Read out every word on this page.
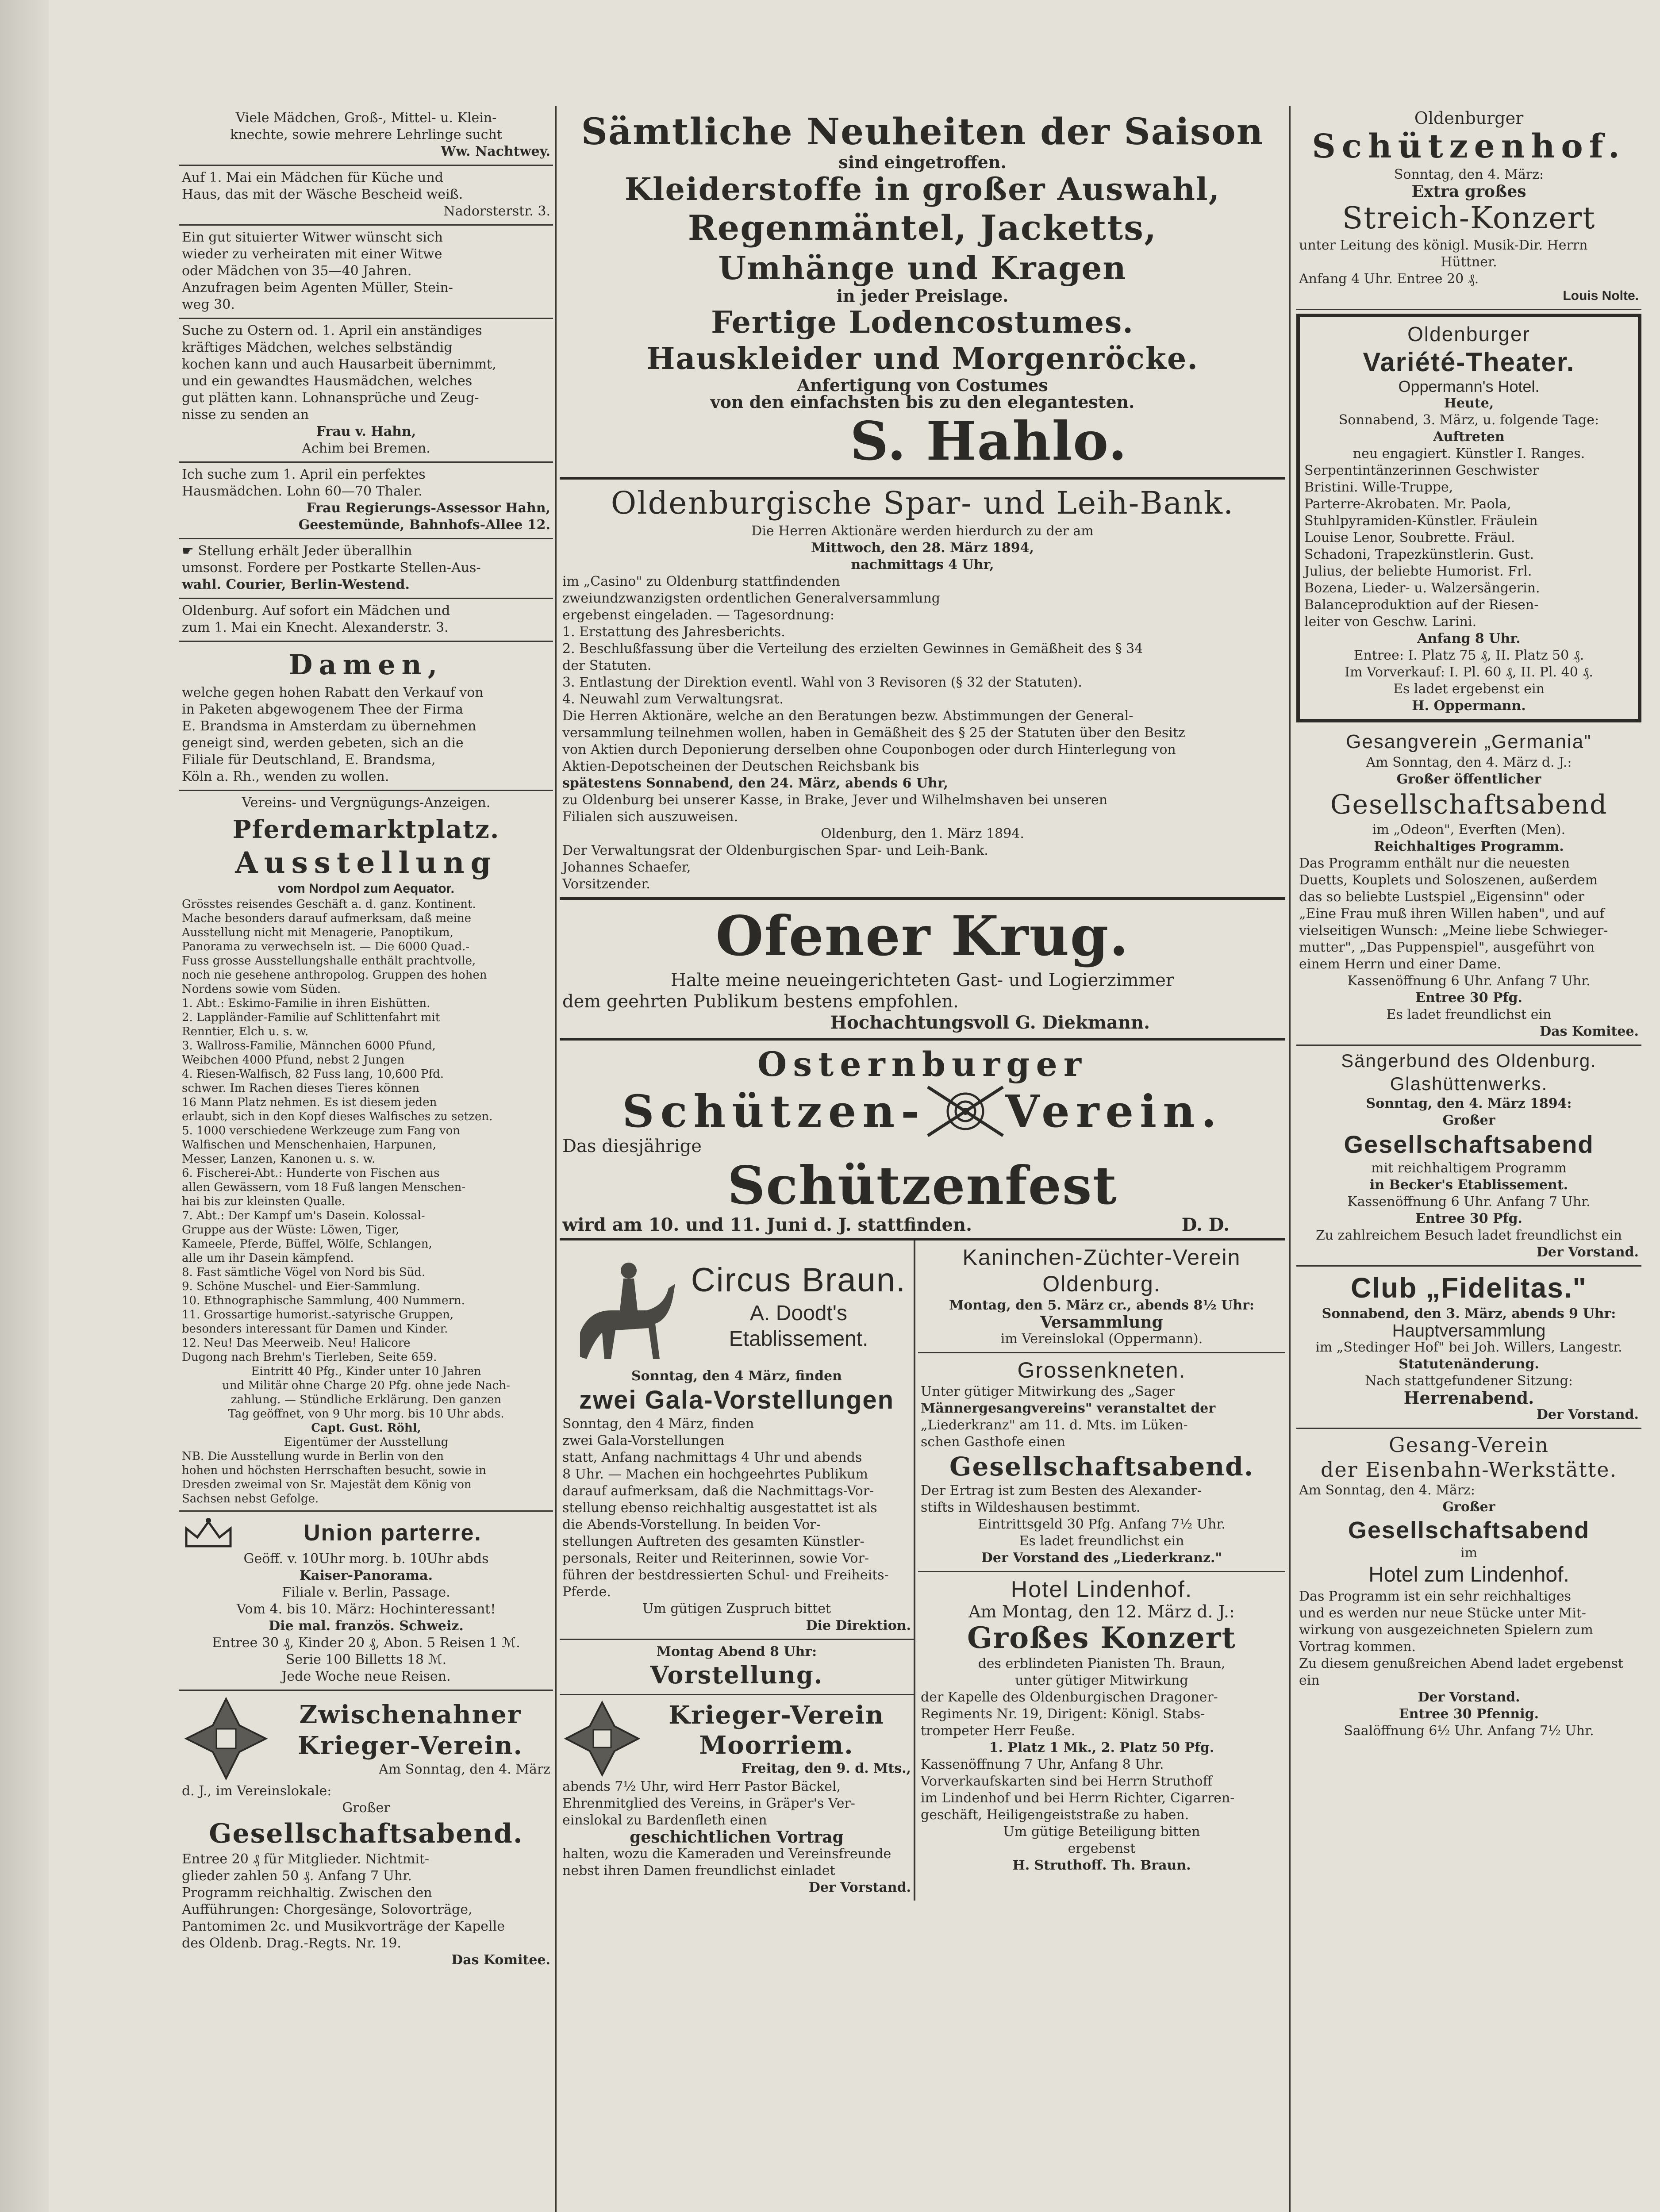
Viele Mädchen, Groß-, Mittel- u. Klein-

knechte, sowie mehrere Lehrlinge sucht

Ww. Nachtwey.

Auf 1. Mai ein Mädchen für Küche und

Haus, das mit der Wäsche Bescheid weiß.

Nadorsterstr. 3.

Ein gut situierter Witwer wünscht sich

wieder zu verheiraten mit einer Witwe

oder Mädchen von 35—40 Jahren.

Anzufragen beim Agenten Müller, Stein-

weg 30.

Suche zu Ostern od. 1. April ein anständiges

kräftiges Mädchen, welches selbständig

kochen kann und auch Hausarbeit übernimmt,

und ein gewandtes Hausmädchen, welches

gut plätten kann. Lohnansprüche und Zeug-

nisse zu senden an

Frau v. Hahn,

Achim bei Bremen.

Ich suche zum 1. April ein perfektes

Hausmädchen. Lohn 60—70 Thaler.

Frau Regierungs-Assessor Hahn,

Geestemünde, Bahnhofs-Allee 12.

☛ Stellung erhält Jeder überallhin

umsonst. Fordere per Postkarte Stellen-Aus-

wahl. Courier, Berlin-Westend.

Oldenburg. Auf sofort ein Mädchen und

zum 1. Mai ein Knecht. Alexanderstr. 3.

Damen,

welche gegen hohen Rabatt den Verkauf von

in Paketen abgewogenem Thee der Firma

E. Brandsma in Amsterdam zu übernehmen

geneigt sind, werden gebeten, sich an die

Filiale für Deutschland, E. Brandsma,

Köln a. Rh., wenden zu wollen.

Vereins- und Vergnügungs-Anzeigen.

Pferdemarktplatz.

Ausstellung

vom Nordpol zum Aequator.

Grösstes reisendes Geschäft a. d. ganz. Kontinent.

Mache besonders darauf aufmerksam, daß meine

Ausstellung nicht mit Menagerie, Panoptikum,

Panorama zu verwechseln ist. — Die 6000 Quad.-

Fuss grosse Ausstellungshalle enthält prachtvolle,

noch nie gesehene anthropolog. Gruppen des hohen

Nordens sowie vom Süden.

1. Abt.: Eskimo-Familie in ihren Eishütten.

2. Lappländer-Familie auf Schlittenfahrt mit

Renntier, Elch u. s. w.

3. Wallross-Familie, Männchen 6000 Pfund,

Weibchen 4000 Pfund, nebst 2 Jungen

4. Riesen-Walfisch, 82 Fuss lang, 10,600 Pfd.

schwer. Im Rachen dieses Tieres können

16 Mann Platz nehmen. Es ist diesem jeden

erlaubt, sich in den Kopf dieses Walfisches zu setzen.

5. 1000 verschiedene Werkzeuge zum Fang von

Walfischen und Menschenhaien, Harpunen,

Messer, Lanzen, Kanonen u. s. w.

6. Fischerei-Abt.: Hunderte von Fischen aus

allen Gewässern, vom 18 Fuß langen Menschen-

hai bis zur kleinsten Qualle.

7. Abt.: Der Kampf um's Dasein. Kolossal-

Gruppe aus der Wüste: Löwen, Tiger,

Kameele, Pferde, Büffel, Wölfe, Schlangen,

alle um ihr Dasein kämpfend.

8. Fast sämtliche Vögel von Nord bis Süd.

9. Schöne Muschel- und Eier-Sammlung.

10. Ethnographische Sammlung, 400 Nummern.

11. Grossartige humorist.-satyrische Gruppen,

besonders interessant für Damen und Kinder.

12. Neu! Das Meerweib. Neu! Halicore

Dugong nach Brehm's Tierleben, Seite 659.

Eintritt 40 Pfg., Kinder unter 10 Jahren

und Militär ohne Charge 20 Pfg. ohne jede Nach-

zahlung. — Stündliche Erklärung. Den ganzen

Tag geöffnet, von 9 Uhr morg. bis 10 Uhr abds.

Capt. Gust. Röhl,

Eigentümer der Ausstellung

NB. Die Ausstellung wurde in Berlin von den

hohen und höchsten Herrschaften besucht, sowie in

Dresden zweimal von Sr. Majestät dem König von

Sachsen nebst Gefolge.

Union parterre.

Geöff. v. 10Uhr morg. b. 10Uhr abds

Kaiser-Panorama.

Filiale v. Berlin, Passage.

Vom 4. bis 10. März: Hochinteressant!

Die mal. französ. Schweiz.

Entree 30 ₰, Kinder 20 ₰, Abon. 5 Reisen 1 ℳ.

Serie 100 Billetts 18 ℳ.

Jede Woche neue Reisen.

Zwischenahner

Krieger-Verein.

Am Sonntag, den 4. März

d. J., im Vereinslokale:

Großer

Gesellschaftsabend.

Entree 20 ₰ für Mitglieder. Nichtmit-

glieder zahlen 50 ₰. Anfang 7 Uhr.

Programm reichhaltig. Zwischen den

Aufführungen: Chorgesänge, Solovorträge,

Pantomimen 2c. und Musikvorträge der Kapelle

des Oldenb. Drag.-Regts. Nr. 19.

Das Komitee.

Sämtliche Neuheiten der Saison

sind eingetroffen.

Kleiderstoffe in großer Auswahl,

Regenmäntel, Jacketts,

Umhänge und Kragen

in jeder Preislage.

Fertige Lodencostumes.

Hauskleider und Morgenröcke.

Anfertigung von Costumes

von den einfachsten bis zu den elegantesten.

S. Hahlo.

Oldenburgische Spar- und Leih-Bank.

Die Herren Aktionäre werden hierdurch zu der am

Mittwoch, den 28. März 1894,

nachmittags 4 Uhr,

im „Casino" zu Oldenburg stattfindenden

zweiundzwanzigsten ordentlichen Generalversammlung

ergebenst eingeladen. — Tagesordnung:

1. Erstattung des Jahresberichts.

2. Beschlußfassung über die Verteilung des erzielten Gewinnes in Gemäßheit des § 34

der Statuten.

3. Entlastung der Direktion eventl. Wahl von 3 Revisoren (§ 32 der Statuten).

4. Neuwahl zum Verwaltungsrat.

Die Herren Aktionäre, welche an den Beratungen bezw. Abstimmungen der General-

versammlung teilnehmen wollen, haben in Gemäßheit des § 25 der Statuten über den Besitz

von Aktien durch Deponierung derselben ohne Couponbogen oder durch Hinterlegung von

Aktien-Depotscheinen der Deutschen Reichsbank bis

spätestens Sonnabend, den 24. März, abends 6 Uhr,

zu Oldenburg bei unserer Kasse, in Brake, Jever und Wilhelmshaven bei unseren

Filialen sich auszuweisen.

Oldenburg, den 1. März 1894.

Der Verwaltungsrat der Oldenburgischen Spar- und Leih-Bank.

Johannes Schaefer,

Vorsitzender.

Ofener Krug.

Halte meine neueingerichteten Gast- und Logierzimmer

dem geehrten Publikum bestens empfohlen.

Hochachtungsvoll G. Diekmann.

Osternburger

Schützen- Verein.

Das diesjährige

Schützenfest

wird am 10. und 11. Juni d. J. stattfinden.	D. D.

Circus Braun.

A. Doodt's

Etablissement.

Sonntag, den 4 März, finden

zwei Gala-Vorstellungen

Sonntag, den 4 März, finden

zwei Gala-Vorstellungen

statt, Anfang nachmittags 4 Uhr und abends

8 Uhr. — Machen ein hochgeehrtes Publikum

darauf aufmerksam, daß die Nachmittags-Vor-

stellung ebenso reichhaltig ausgestattet ist als

die Abends-Vorstellung. In beiden Vor-

stellungen Auftreten des gesamten Künstler-

personals, Reiter und Reiterinnen, sowie Vor-

führen der bestdressierten Schul- und Freiheits-

Pferde.

Um gütigen Zuspruch bittet

Die Direktion.

Montag Abend 8 Uhr:

Vorstellung.

Krieger-Verein

Moorriem.

Freitag, den 9. d. Mts.,

abends 7½ Uhr, wird Herr Pastor Bäckel,

Ehrenmitglied des Vereins, in Gräper's Ver-

einslokal zu Bardenfleth einen

geschichtlichen Vortrag

halten, wozu die Kameraden und Vereinsfreunde

nebst ihren Damen freundlichst einladet

Der Vorstand.

Kaninchen-Züchter-Verein

Oldenburg.

Montag, den 5. März cr., abends 8½ Uhr:

Versammlung

im Vereinslokal (Oppermann).

Grossenkneten.

Unter gütiger Mitwirkung des „Sager

Männergesangvereins" veranstaltet der

„Liederkranz" am 11. d. Mts. im Lüken-

schen Gasthofe einen

Gesellschaftsabend.

Der Ertrag ist zum Besten des Alexander-

stifts in Wildeshausen bestimmt.

Eintrittsgeld 30 Pfg. Anfang 7½ Uhr.

Es ladet freundlichst ein

Der Vorstand des „Liederkranz."

Hotel Lindenhof.

Am Montag, den 12. März d. J.:

Großes Konzert

des erblindeten Pianisten Th. Braun,

unter gütiger Mitwirkung

der Kapelle des Oldenburgischen Dragoner-

Regiments Nr. 19, Dirigent: Königl. Stabs-

trompeter Herr Feuße.

1. Platz 1 Mk., 2. Platz 50 Pfg.

Kassenöffnung 7 Uhr, Anfang 8 Uhr.

Vorverkaufskarten sind bei Herrn Struthoff

im Lindenhof und bei Herrn Richter, Cigarren-

geschäft, Heiligengeiststraße zu haben.

Um gütige Beteiligung bitten

ergebenst

H. Struthoff. Th. Braun.

Oldenburger

Schützenhof.

Sonntag, den 4. März:

Extra großes

Streich-Konzert

unter Leitung des königl. Musik-Dir. Herrn

Hüttner.

Anfang 4 Uhr. Entree 20 ₰.

Louis Nolte.

Oldenburger

Variété-Theater.

Oppermann's Hotel.

Heute,

Sonnabend, 3. März, u. folgende Tage:

Auftreten

neu engagiert. Künstler I. Ranges.

Serpentintänzerinnen Geschwister

Bristini. Wille-Truppe,

Parterre-Akrobaten. Mr. Paola,

Stuhlpyramiden-Künstler. Fräulein

Louise Lenor, Soubrette. Fräul.

Schadoni, Trapezkünstlerin. Gust.

Julius, der beliebte Humorist. Frl.

Bozena, Lieder- u. Walzersängerin.

Balanceproduktion auf der Riesen-

leiter von Geschw. Larini.

Anfang 8 Uhr.

Entree: I. Platz 75 ₰, II. Platz 50 ₰.

Im Vorverkauf: I. Pl. 60 ₰, II. Pl. 40 ₰.

Es ladet ergebenst ein

H. Oppermann.

Gesangverein „Germania"

Am Sonntag, den 4. März d. J.:

Großer öffentlicher

Gesellschaftsabend

im „Odeon", Everften (Men).

Reichhaltiges Programm.

Das Programm enthält nur die neuesten

Duetts, Kouplets und Soloszenen, außerdem

das so beliebte Lustspiel „Eigensinn" oder

„Eine Frau muß ihren Willen haben", und auf

vielseitigen Wunsch: „Meine liebe Schwieger-

mutter", „Das Puppenspiel", ausgeführt von

einem Herrn und einer Dame.

Kassenöffnung 6 Uhr. Anfang 7 Uhr.

Entree 30 Pfg.

Es ladet freundlichst ein

Das Komitee.

Sängerbund des Oldenburg.

Glashüttenwerks.

Sonntag, den 4. März 1894:

Großer

Gesellschaftsabend

mit reichhaltigem Programm

in Becker's Etablissement.

Kassenöffnung 6 Uhr. Anfang 7 Uhr.

Entree 30 Pfg.

Zu zahlreichem Besuch ladet freundlichst ein

Der Vorstand.

Club „Fidelitas."

Sonnabend, den 3. März, abends 9 Uhr:

Hauptversammlung

im „Stedinger Hof" bei Joh. Willers, Langestr.

Statutenänderung.

Nach stattgefundener Sitzung:

Herrenabend.

Der Vorstand.

Gesang-Verein

der Eisenbahn-Werkstätte.

Am Sonntag, den 4. März:

Großer

Gesellschaftsabend

im

Hotel zum Lindenhof.

Das Programm ist ein sehr reichhaltiges

und es werden nur neue Stücke unter Mit-

wirkung von ausgezeichneten Spielern zum

Vortrag kommen.

Zu diesem genußreichen Abend ladet ergebenst ein

Der Vorstand.

Entree 30 Pfennig.

Saalöffnung 6½ Uhr. Anfang 7½ Uhr.
